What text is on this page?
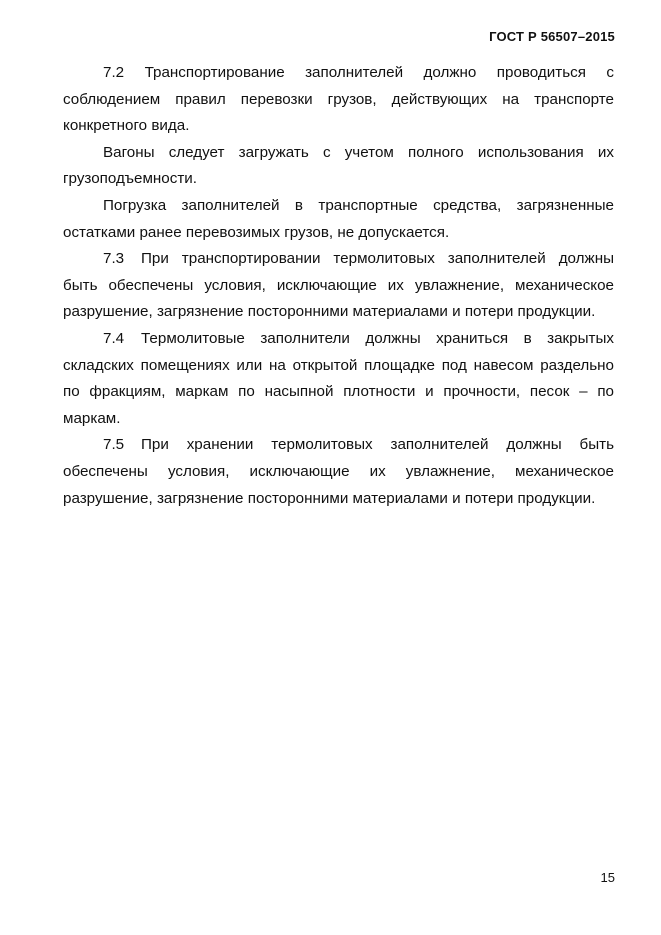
ГОСТ Р 56507–2015

7.2 Транспортирование заполнителей должно проводиться с соблюдением правил перевозки грузов, действующих на транспорте конкретного вида.

Вагоны следует загружать с учетом полного использования их грузоподъемности.

Погрузка заполнителей в транспортные средства, загрязненные остатками ранее перевозимых грузов, не допускается.

7.3 При транспортировании термолитовых заполнителей должны быть обеспечены условия, исключающие их увлажнение, механическое разрушение, загрязнение посторонними материалами и потери продукции.

7.4 Термолитовые заполнители должны храниться в закрытых складских помещениях или на открытой площадке под навесом раздельно по фракциям, маркам по насыпной плотности и прочности, песок – по маркам.

7.5 При хранении термолитовых заполнителей должны быть обеспечены условия, исключающие их увлажнение, механическое разрушение, загрязнение посторонними материалами и потери продукции.

15
